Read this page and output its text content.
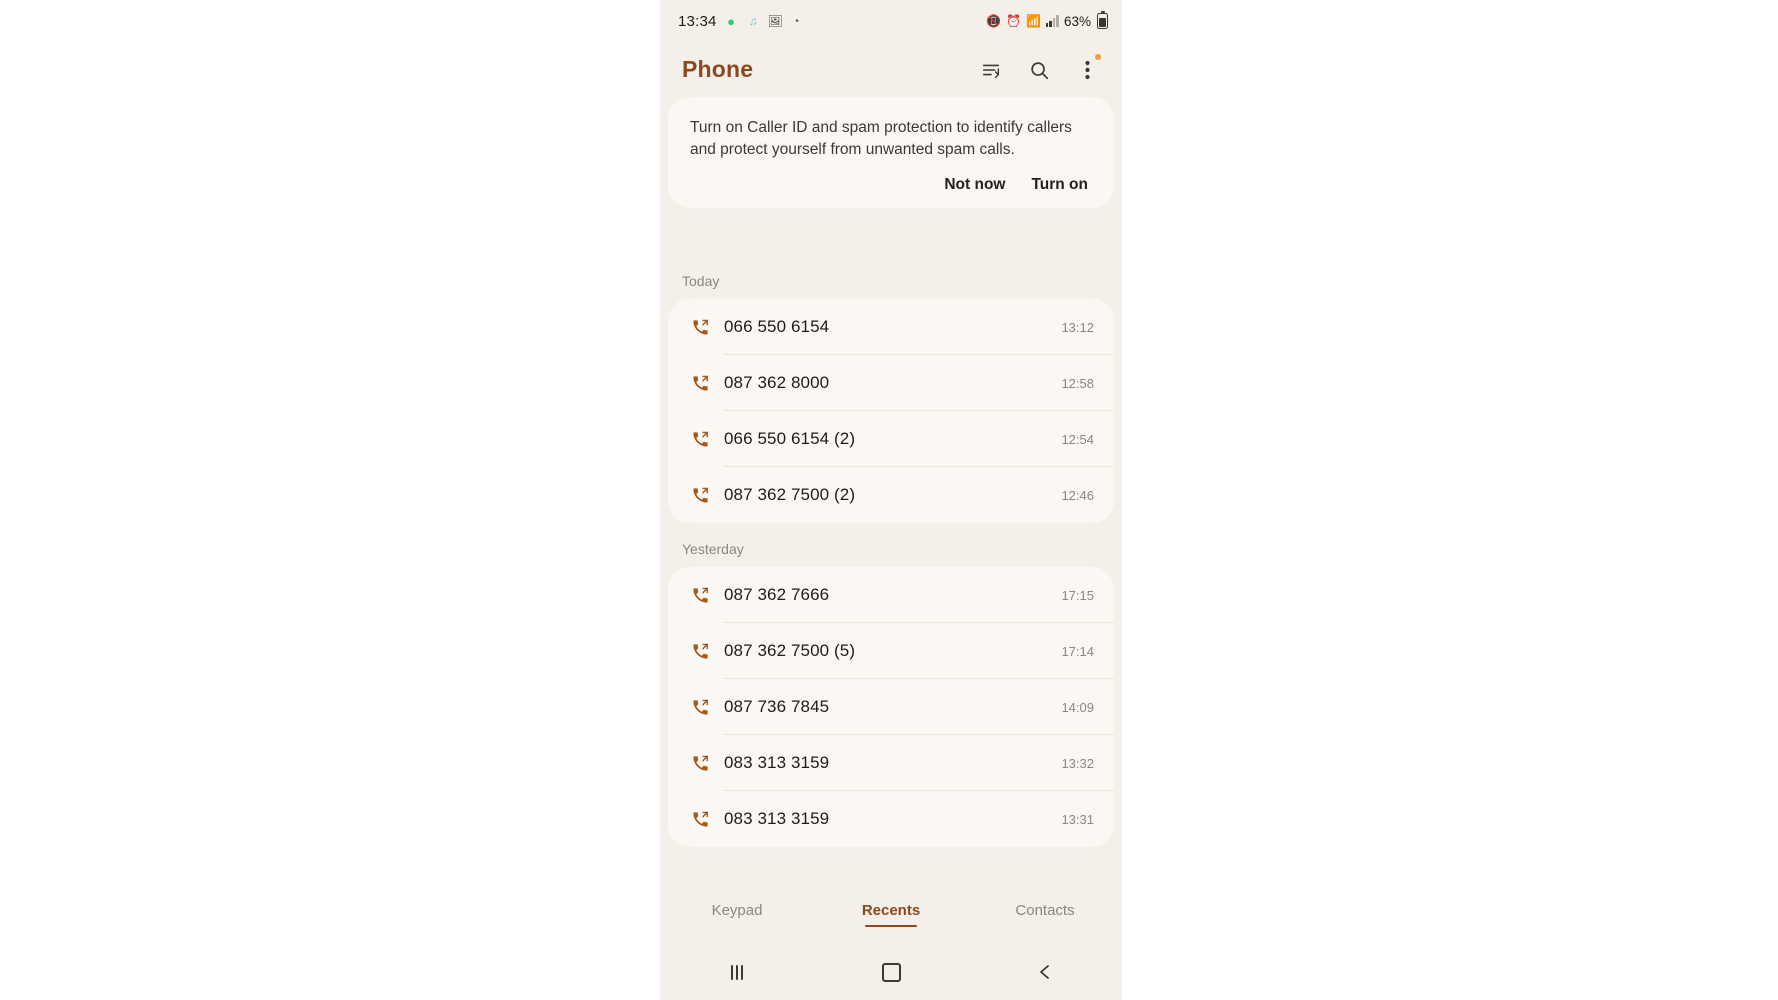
13:34 ● ♫ 🖼	•	📵 ⏰ 📶 63%
Phone
Turn on Caller ID and spam protection to identify callers and protect yourself from unwanted spam calls.
Not now Turn on
Today
066 550 6154	13:12
087 362 8000	12:58
066 550 6154 (2)	12:54
087 362 7500 (2)	12:46
Yesterday
087 362 7666	17:15
087 362 7500 (5)	17:14
087 736 7845	14:09
083 313 3159	13:32
083 313 3159	13:31
Keypad	Recents	Contacts
